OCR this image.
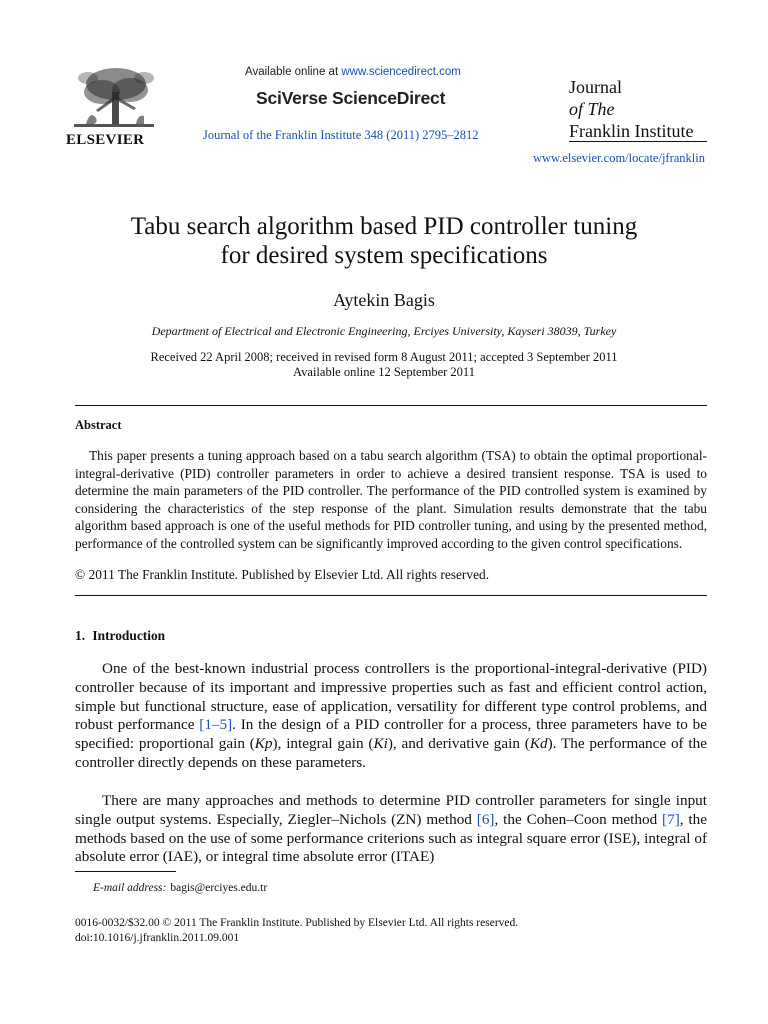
ELSEVIER
Available online at www.sciencedirect.com
SciVerse ScienceDirect
Journal of the Franklin Institute 348 (2011) 2795–2812
Journal
of The
Franklin Institute
www.elsevier.com/locate/jfranklin
Tabu search algorithm based PID controller tuning
for desired system specifications
Aytekin Bagis
Department of Electrical and Electronic Engineering, Erciyes University, Kayseri 38039, Turkey
Received 22 April 2008; received in revised form 8 August 2011; accepted 3 September 2011
Available online 12 September 2011
Abstract
This paper presents a tuning approach based on a tabu search algorithm (TSA) to obtain the optimal proportional-integral-derivative (PID) controller parameters in order to achieve a desired transient response. TSA is used to determine the main parameters of the PID controller. The performance of the PID controlled system is examined by considering the characteristics of the step response of the plant. Simulation results demonstrate that the tabu algorithm based approach is one of the useful methods for PID controller tuning, and using by the presented method, performance of the controlled system can be significantly improved according to the given control specifications.
© 2011 The Franklin Institute. Published by Elsevier Ltd. All rights reserved.
1. Introduction
One of the best-known industrial process controllers is the proportional-integral-derivative (PID) controller because of its important and impressive properties such as fast and efficient control action, simple but functional structure, ease of application, versatility for different type control problems, and robust performance [1–5]. In the design of a PID controller for a process, three parameters have to be specified: proportional gain (Kp), integral gain (Ki), and derivative gain (Kd). The performance of the controller directly depends on these parameters.
There are many approaches and methods to determine PID controller parameters for single input single output systems. Especially, Ziegler–Nichols (ZN) method [6], the Cohen–Coon method [7], the methods based on the use of some performance criterions such as integral square error (ISE), integral of absolute error (IAE), or integral time absolute error (ITAE)
E-mail address: bagis@erciyes.edu.tr
0016-0032/$32.00 © 2011 The Franklin Institute. Published by Elsevier Ltd. All rights reserved.
doi:10.1016/j.jfranklin.2011.09.001
